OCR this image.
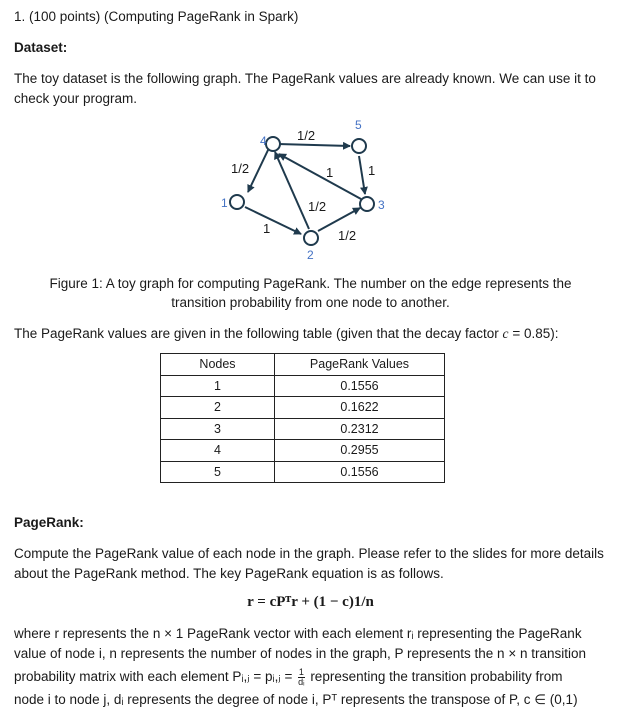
1. (100 points) (Computing PageRank in Spark)
Dataset:
The toy dataset is the following graph. The PageRank values are already known. We can use it to
check your program.
1
2
3
4
5
1/2
1/2	1	1
1/2
1	1/2
Figure 1: A toy graph for computing PageRank. The number on the edge represents the
transition probability from one node to another.
The PageRank values are given in the following table (given that the decay factor c = 0.85):
Nodes	PageRank Values
1	0.1556
2	0.1622
3	0.2312
4	0.2955
5	0.1556
PageRank:
Compute the PageRank value of each node in the graph. Please refer to the slides for more details
about the PageRank method. The key PageRank equation is as follows.
r = cPᵀr + (1 − c)1/n
where r represents the n × 1 PageRank vector with each element rᵢ representing the PageRank
value of node i, n represents the number of nodes in the graph, P represents the n × n transition
probability matrix with each element Pᵢ,ⱼ = pᵢ,ⱼ = $\frac{1}{\text{dᵢ}}$ representing the transition probability from
node i to node j, dᵢ represents the degree of node i, Pᵀ represents the transpose of P, c ∈ (0,1)
